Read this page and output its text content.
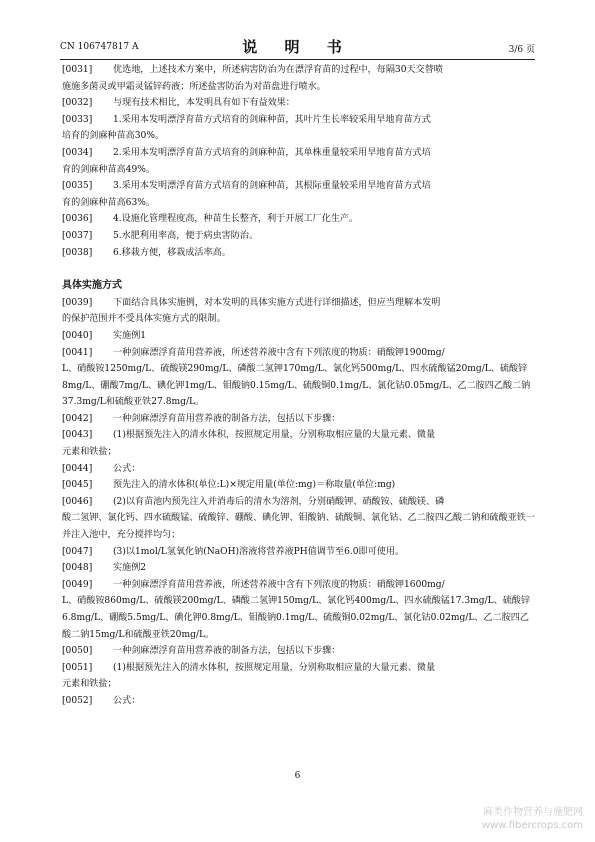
CN 106747817 A	说 明 书	3/6 页
[0031] 优选地，上述技术方案中，所述病害防治为在漂浮育苗的过程中，每隔30天交替喷
施施多菌灵或甲霜灵锰锌药液；所述盐害防治为对苗盘进行喷水。
[0032] 与现有技术相比，本发明具有如下有益效果：
[0033] 1.采用本发明漂浮育苗方式培育的剑麻种苗，其叶片生长率较采用旱地育苗方式
培育的剑麻种苗高30%。
[0034] 2.采用本发明漂浮育苗方式培育的剑麻种苗，其单株重量较采用旱地育苗方式培
育的剑麻种苗高49%。
[0035] 3.采用本发明漂浮育苗方式培育的剑麻种苗，其根际重量较采用旱地育苗方式培
育的剑麻种苗高63%。
[0036] 4.设施化管理程度高，种苗生长整齐，利于开展工厂化生产。
[0037] 5.水肥利用率高，便于病虫害防治。
[0038] 6.移栽方便，移栽成活率高。
具体实施方式
[0039] 下面结合具体实施例，对本发明的具体实施方式进行详细描述，但应当理解本发明
的保护范围并不受具体实施方式的限制。
[0040] 实施例1
[0041] 一种剑麻漂浮育苗用营养液，所述营养液中含有下列浓度的物质：硝酸钾1900mg/
L、硝酸铵1250mg/L、硫酸镁290mg/L、磷酸二氢钾170mg/L、氯化钙500mg/L、四水硫酸锰20mg/L、硫酸锌8mg/L、硼酸7mg/L、碘化钾1mg/L、钼酸钠0.15mg/L、硫酸铜0.1mg/L、氯化钴0.05mg/L、乙二胺四乙酸二钠37.3mg/L和硫酸亚铁27.8mg/L。
[0042] 一种剑麻漂浮育苗用营养液的制备方法，包括以下步骤：
[0043] (1)根据预先注入的清水体积，按照规定用量，分别称取相应量的大量元素、微量
元素和铁盐；
[0044] 公式：
[0045] 预先注入的清水体积(单位:L)×规定用量(单位:mg)＝称取量(单位:mg)
[0046] (2)以育苗池内预先注入并消毒后的清水为溶剂，分别硝酸钾、硝酸铵、硫酸镁、磷
酸二氢钾、氯化钙、四水硫酸锰、硫酸锌、硼酸、碘化钾、钼酸钠、硫酸铜、氯化钴、乙二胺四乙酸二钠和硫酸亚铁一并注入池中，充分搅拌均匀；
[0047] (3)以1mol/L氢氧化钠(NaOH)溶液将营养液PH值调节至6.0即可使用。
[0048] 实施例2
[0049] 一种剑麻漂浮育苗用营养液，所述营养液中含有下列浓度的物质：硝酸钾1600mg/
L、硝酸铵860mg/L、硫酸镁200mg/L、磷酸二氢钾150mg/L、氯化钙400mg/L、四水硫酸锰17.3mg/L、硫酸锌6.8mg/L、硼酸5.5mg/L、碘化钾0.8mg/L、钼酸钠0.1mg/L、硫酸铜0.02mg/L、氯化钴0.02mg/L、乙二胺四乙酸二钠15mg/L和硫酸亚铁20mg/L。
[0050] 一种剑麻漂浮育苗用营养液的制备方法，包括以下步骤：
[0051] (1)根据预先注入的清水体积，按照规定用量，分别称取相应量的大量元素、微量
元素和铁盐；
[0052] 公式：
6
麻类作物营养与施肥网
www.fibercrops.com
